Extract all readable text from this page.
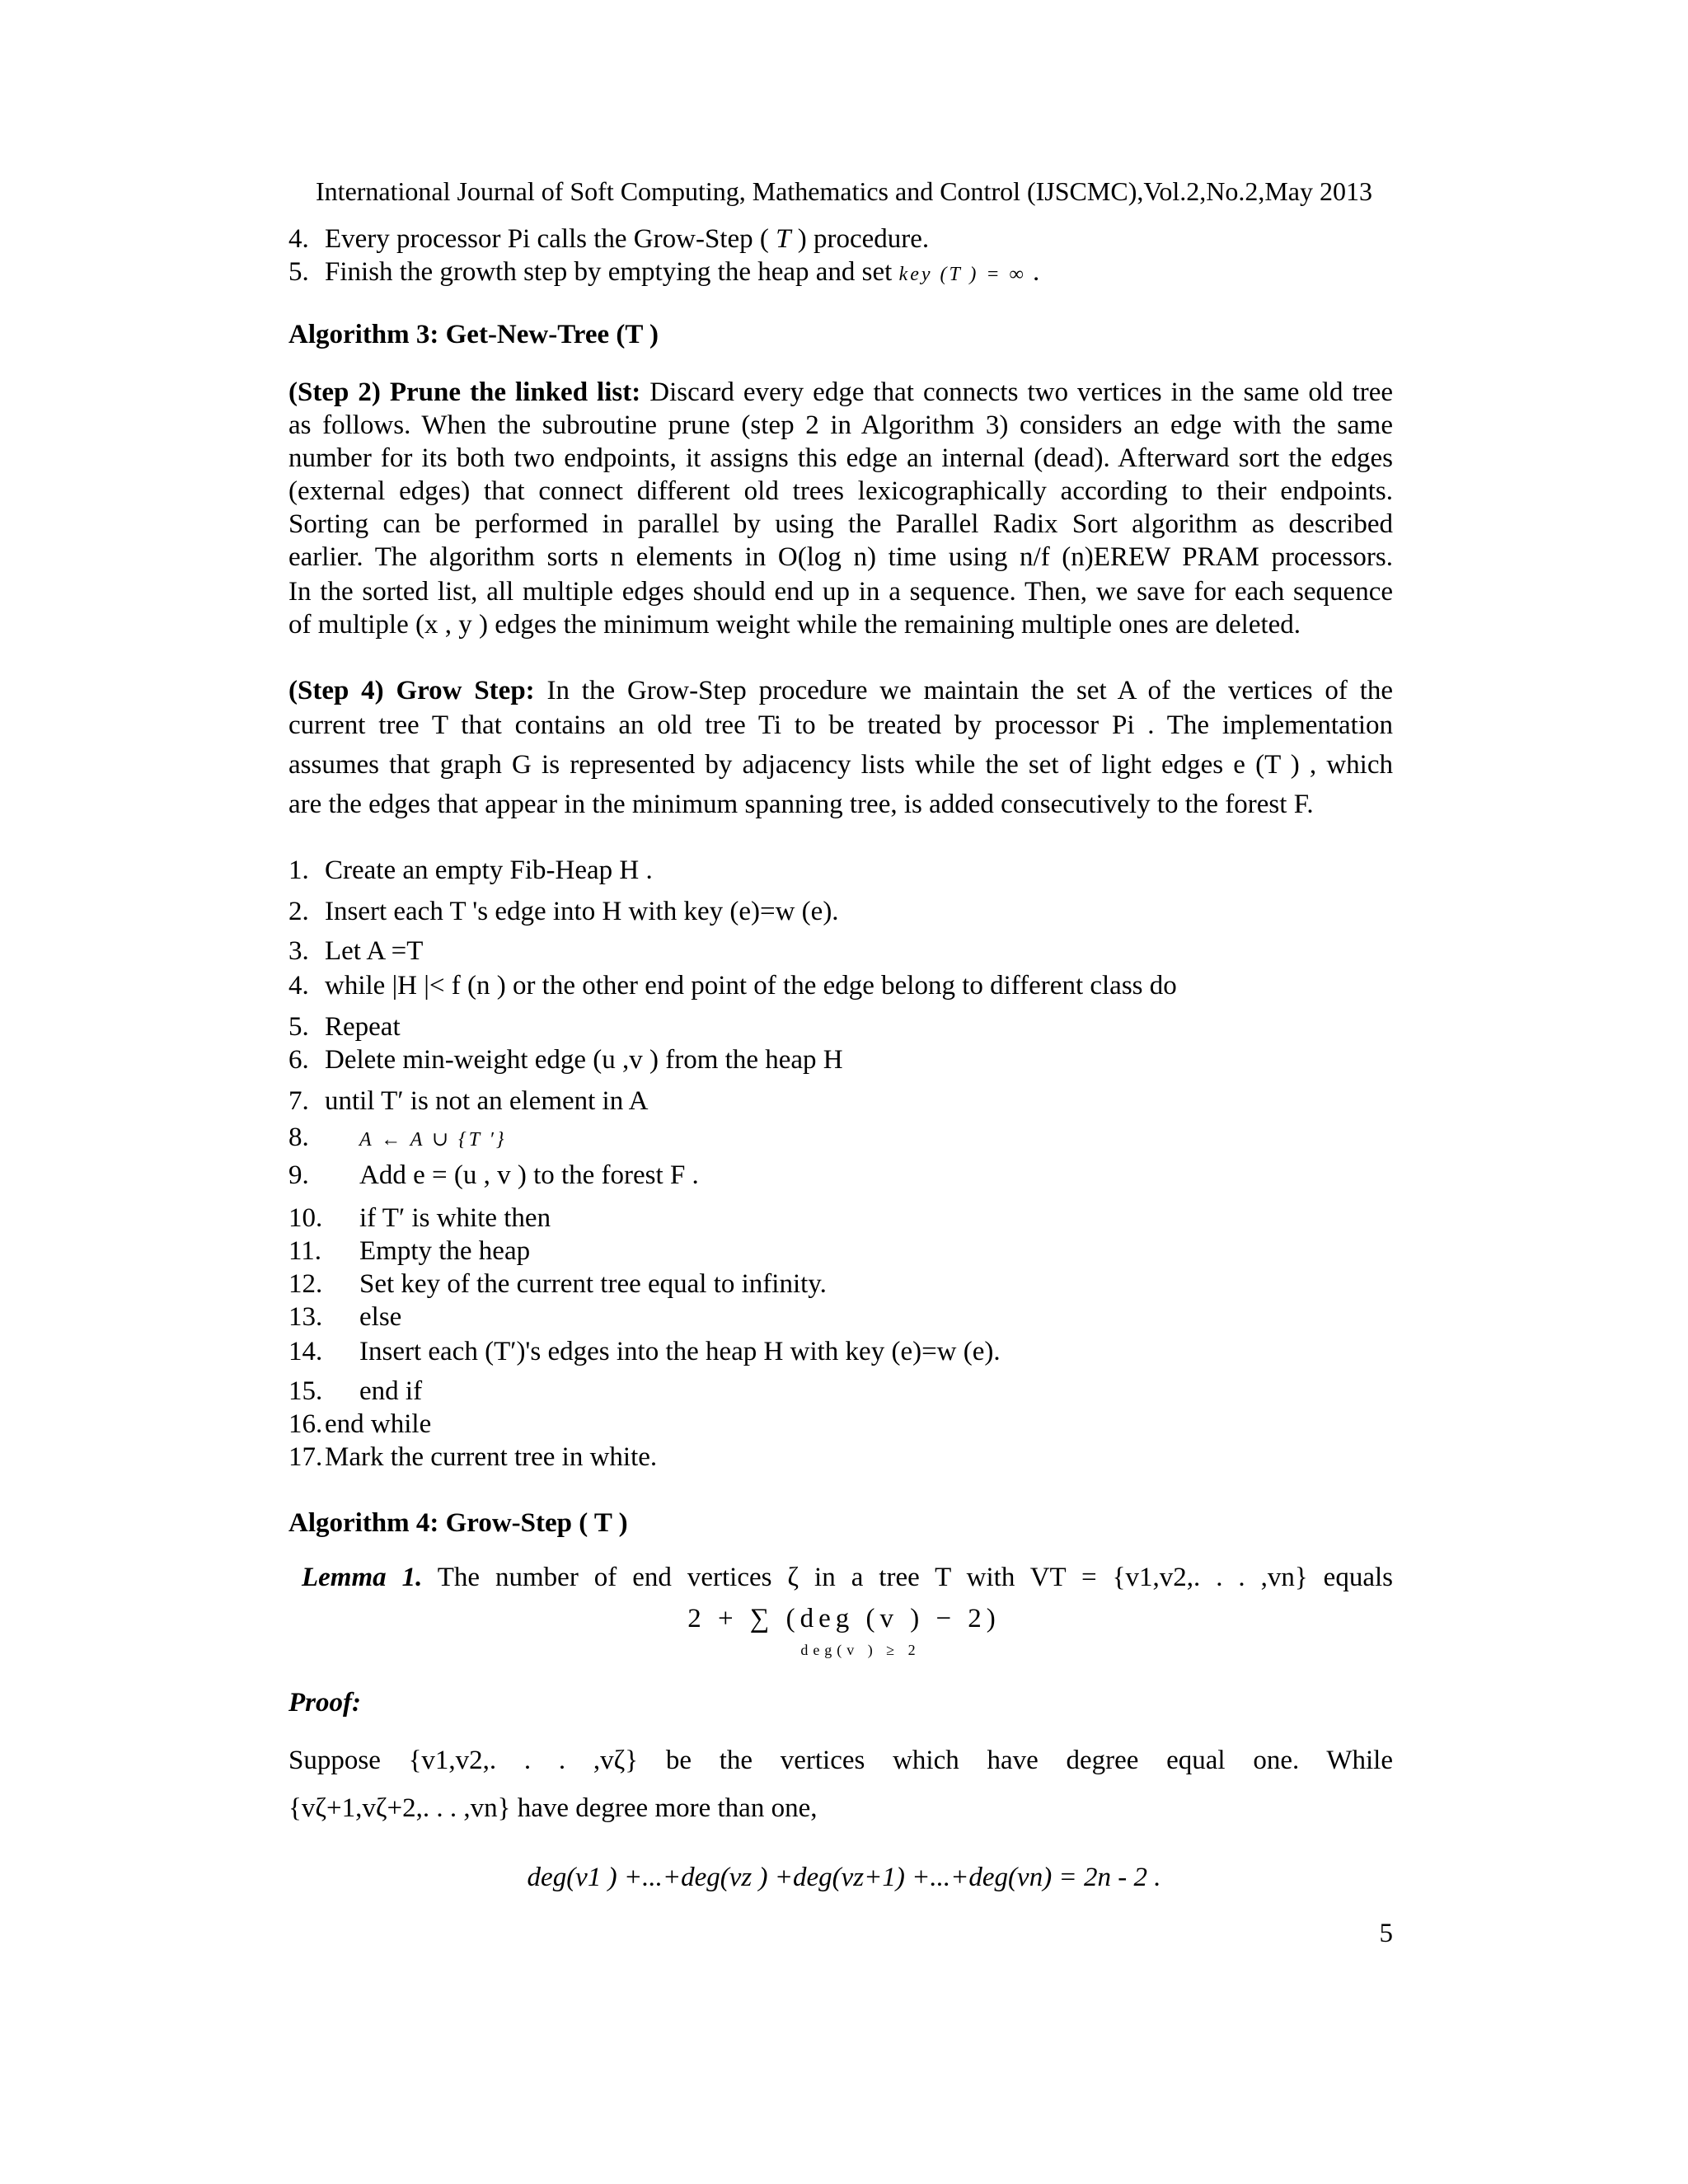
International Journal of Soft Computing, Mathematics and Control (IJSCMC),Vol.2,No.2,May 2013
4. Every processor Pi calls the Grow-Step ( T ) procedure.
5. Finish the growth step by emptying the heap and set key (T ) = ∞ .
Algorithm 3: Get-New-Tree (T )
(Step 2) Prune the linked list: Discard every edge that connects two vertices in the same old tree
as follows. When the subroutine prune (step 2 in Algorithm 3) considers an edge with the same
number for its both two endpoints, it assigns this edge an internal (dead). Afterward sort the edges
(external edges) that connect different old trees lexicographically according to their endpoints.
Sorting can be performed in parallel by using the Parallel Radix Sort algorithm as described
earlier. The algorithm sorts n elements in O(log n) time using n/f (n)EREW PRAM processors.
In the sorted list, all multiple edges should end up in a sequence. Then, we save for each sequence
of multiple (x , y ) edges the minimum weight while the remaining multiple ones are deleted.
(Step 4) Grow Step: In the Grow-Step procedure we maintain the set A of the vertices of the
current tree T that contains an old tree Ti to be treated by processor Pi . The implementation
assumes that graph G is represented by adjacency lists while the set of light edges e (T ) , which
are the edges that appear in the minimum spanning tree, is added consecutively to the forest F.
1. Create an empty Fib-Heap H .
2. Insert each T 's edge into H with key (e)=w (e).
3. Let A =T
4. while |H |< f (n ) or the other end point of the edge belong to different class do
5. Repeat
6. Delete min-weight edge (u ,v ) from the heap H
7. until T′ is not an element in A
8.	A ← A ∪ {T ′}
9. Add e = (u , v ) to the forest F .
10. if T′ is white then
11. Empty the heap
12. Set key of the current tree equal to infinity.
13. else
14. Insert each (T′)'s edges into the heap H with key (e)=w (e).
15. end if
16.end while
17.Mark the current tree in white.
Algorithm 4: Grow-Step ( T )
Lemma 1. The number of end vertices ζ in a tree T with VT = {v1,v2,. . . ,vn} equals
2 + ∑ (deg (v ) − 2)
deg(v ) ≥ 2
Proof:
Suppose {v1,v2,. . . ,vζ} be the vertices which have degree equal one. While
{vζ+1,vζ+2,. . . ,vn} have degree more than one,
deg(v1 ) +...+deg(vz ) +deg(vz+1) +...+deg(vn) = 2n - 2 .
5
